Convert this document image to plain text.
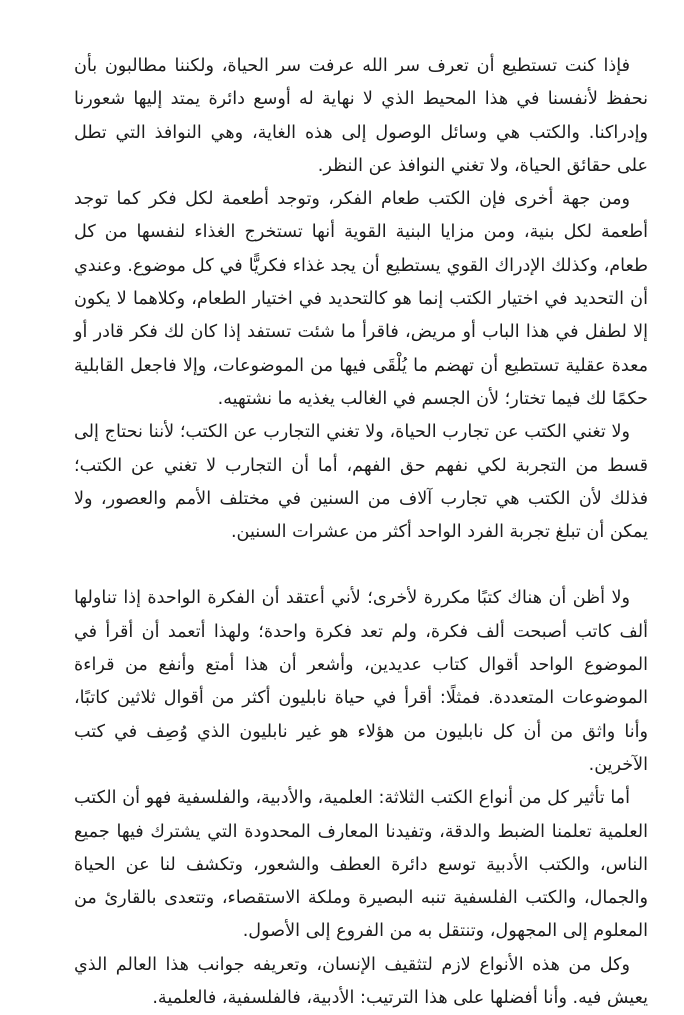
فإذا كنت تستطيع أن تعرف سر الله عرفت سر الحياة، ولكننا مطالبون بأن نحفظ لأنفسنا في هذا المحيط الذي لا نهاية له أوسع دائرة يمتد إليها شعورنا وإدراكنا. والكتب هي وسائل الوصول إلى هذه الغاية، وهي النوافذ التي تطل على حقائق الحياة، ولا تغني النوافذ عن النظر.

ومن جهة أخرى فإن الكتب طعام الفكر، وتوجد أطعمة لكل فكر كما توجد أطعمة لكل بنية، ومن مزايا البنية القوية أنها تستخرج الغذاء لنفسها من كل طعام، وكذلك الإدراك القوي يستطيع أن يجد غذاء فكريًّا في كل موضوع. وعندي أن التحديد في اختيار الكتب إنما هو كالتحديد في اختيار الطعام، وكلاهما لا يكون إلا لطفل في هذا الباب أو مريض، فاقرأ ما شئت تستفد إذا كان لك فكر قادر أو معدة عقلية تستطيع أن تهضم ما يُلْقَى فيها من الموضوعات، وإلا فاجعل القابلية حكمًا لك فيما تختار؛ لأن الجسم في الغالب يغذيه ما نشتهيه.

ولا تغني الكتب عن تجارب الحياة، ولا تغني التجارب عن الكتب؛ لأننا نحتاج إلى قسط من التجربة لكي نفهم حق الفهم، أما أن التجارب لا تغني عن الكتب؛ فذلك لأن الكتب هي تجارب آلاف من السنين في مختلف الأمم والعصور، ولا يمكن أن تبلغ تجربة الفرد الواحد أكثر من عشرات السنين.

ولا أظن أن هناك كتبًا مكررة لأخرى؛ لأني أعتقد أن الفكرة الواحدة إذا تناولها ألف كاتب أصبحت ألف فكرة، ولم تعد فكرة واحدة؛ ولهذا أتعمد أن أقرأ في الموضوع الواحد أقوال كتاب عديدين، وأشعر أن هذا أمتع وأنفع من قراءة الموضوعات المتعددة. فمثلًا: أقرأ في حياة نابليون أكثر من أقوال ثلاثين كاتبًا، وأنا واثق من أن كل نابليون من هؤلاء هو غير نابليون الذي وُصِف في كتب الآخرين.

أما تأثير كل من أنواع الكتب الثلاثة: العلمية، والأدبية، والفلسفية فهو أن الكتب العلمية تعلمنا الضبط والدقة، وتفيدنا المعارف المحدودة التي يشترك فيها جميع الناس، والكتب الأدبية توسع دائرة العطف والشعور، وتكشف لنا عن الحياة والجمال، والكتب الفلسفية تنبه البصيرة وملكة الاستقصاء، وتتعدى بالقارئ من المعلوم إلى المجهول، وتنتقل به من الفروع إلى الأصول.

وكل من هذه الأنواع لازم لتثقيف الإنسان، وتعريفه جوانب هذا العالم الذي يعيش فيه. وأنا أفضلها على هذا الترتيب: الأدبية، فالفلسفية، فالعلمية.
